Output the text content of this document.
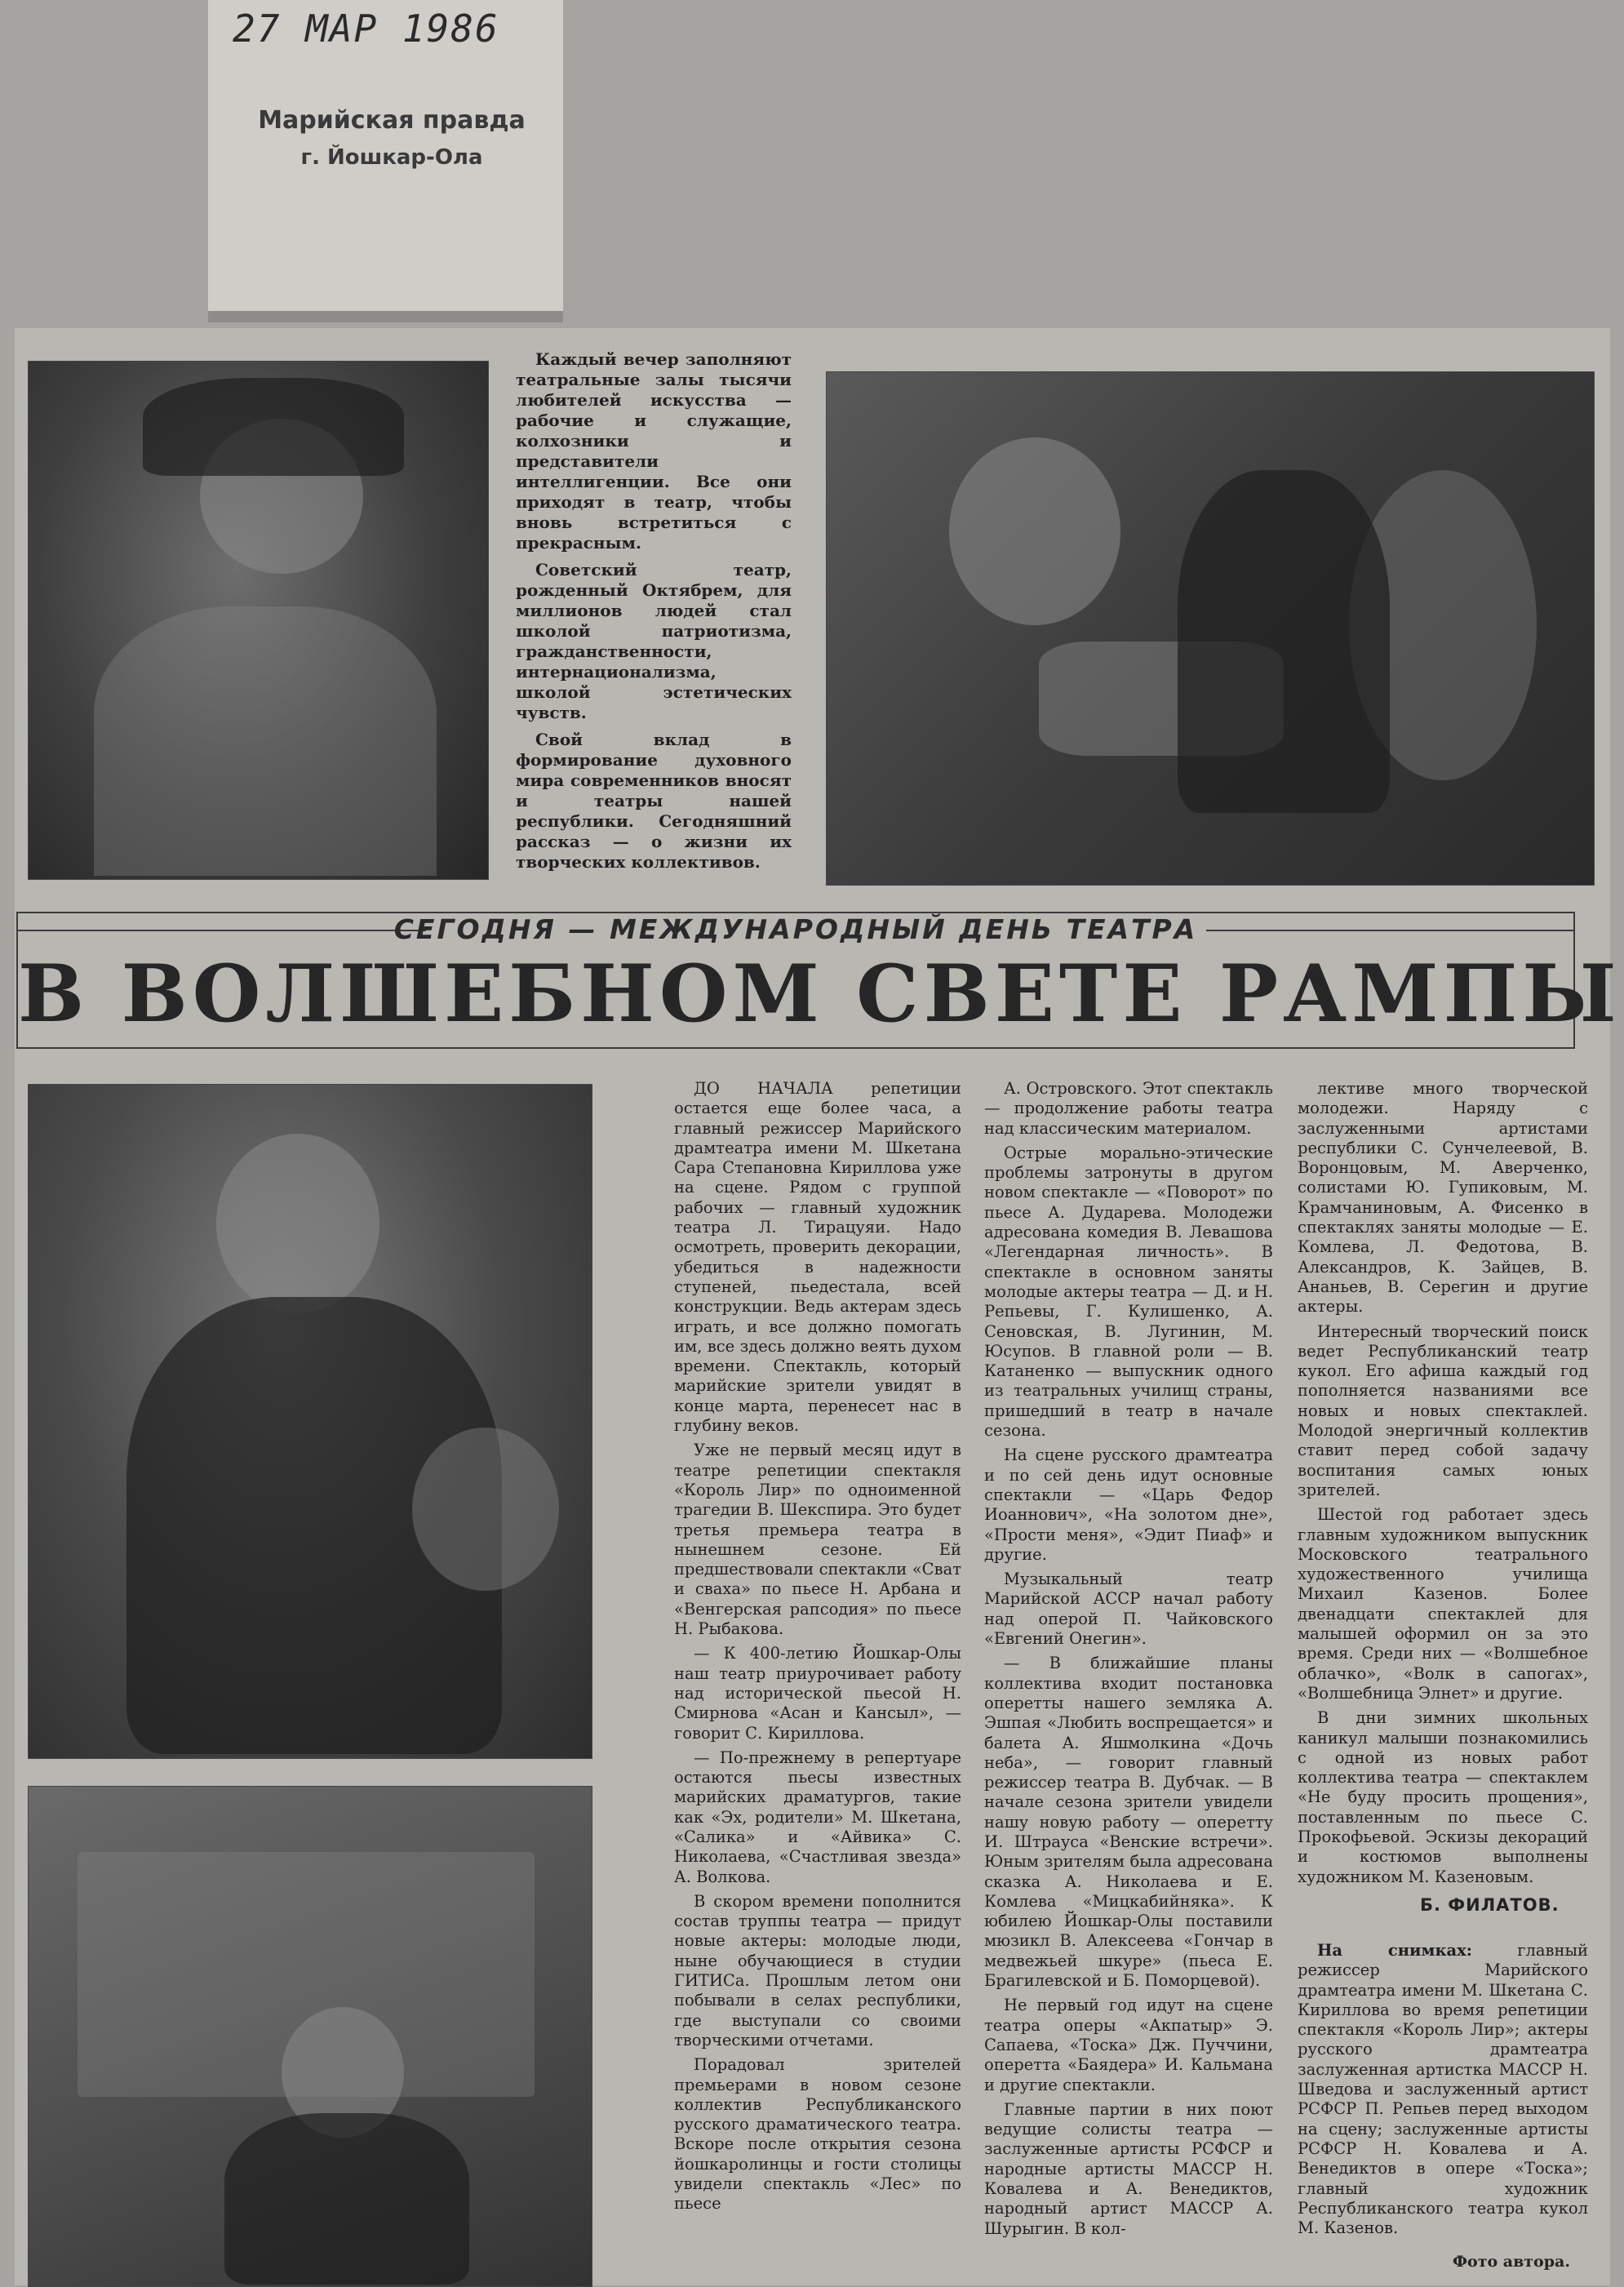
27 МАР 1986
Марийская правда
г. Йошкар-Ола

Каждый вечер заполняют театральные залы тысячи любителей искусства — рабочие и служащие, колхозники и представители интеллигенции. Все они приходят в театр, чтобы вновь встретиться с прекрасным.

Советский театр, рожденный Октябрем, для миллионов людей стал школой патриотизма, гражданственности, интернационализма, школой эстетических чувств.

Свой вклад в формирование духовного мира современников вносят и театры нашей республики. Сегодняшний рассказ — о жизни их творческих коллективов.

СЕГОДНЯ — МЕЖДУНАРОДНЫЙ ДЕНЬ ТЕАТРА
В ВОЛШЕБНОМ СВЕТЕ РАМПЫ

ДО НАЧАЛА репетиции остается еще более часа, а главный режиссер Марийского драмтеатра имени М. Шкетана Сара Степановна Кириллова уже на сцене. Рядом с группой рабочих — главный художник театра Л. Тирацуяи. Надо осмотреть, проверить декорации, убедиться в надежности ступеней, пьедестала, всей конструкции. Ведь актерам здесь играть, и все должно помогать им, все здесь должно веять духом времени. Спектакль, который марийские зрители увидят в конце марта, перенесет нас в глубину веков.

Уже не первый месяц идут в театре репетиции спектакля «Король Лир» по одноименной трагедии В. Шекспира. Это будет третья премьера театра в нынешнем сезоне. Ей предшествовали спектакли «Сват и сваха» по пьесе Н. Арбана и «Венгерская рапсодия» по пьесе Н. Рыбакова.

— К 400-летию Йошкар-Олы наш театр приурочивает работу над исторической пьесой Н. Смирнова «Асан и Кансыл», — говорит С. Кириллова.

— По-прежнему в репертуаре остаются пьесы известных марийских драматургов, такие как «Эх, родители» М. Шкетана, «Салика» и «Айвика» С. Николаева, «Счастливая звезда» А. Волкова.

В скором времени пополнится состав труппы театра — придут новые актеры: молодые люди, ныне обучающиеся в студии ГИТИСа. Прошлым летом они побывали в селах республики, где выступали со своими творческими отчетами.

Порадовал зрителей премьерами в новом сезоне коллектив Республиканского русского драматического театра. Вскоре после открытия сезона йошкаролинцы и гости столицы увидели спектакль «Лес» по пьесе

А. Островского. Этот спектакль — продолжение работы театра над классическим материалом.

Острые морально-этические проблемы затронуты в другом новом спектакле — «Поворот» по пьесе А. Дударева. Молодежи адресована комедия В. Левашова «Легендарная личность». В спектакле в основном заняты молодые актеры театра — Д. и Н. Репьевы, Г. Кулишенко, А. Сеновская, В. Лугинин, М. Юсупов. В главной роли — В. Катаненко — выпускник одного из театральных училищ страны, пришедший в театр в начале сезона.

На сцене русского драмтеатра и по сей день идут основные спектакли — «Царь Федор Иоаннович», «На золотом дне», «Прости меня», «Эдит Пиаф» и другие.

Музыкальный театр Марийской АССР начал работу над оперой П. Чайковского «Евгений Онегин».

— В ближайшие планы коллектива входит постановка оперетты нашего земляка А. Эшпая «Любить воспрещается» и балета А. Яшмолкина «Дочь неба», — говорит главный режиссер театра В. Дубчак. — В начале сезона зрители увидели нашу новую работу — оперетту И. Штрауса «Венские встречи». Юным зрителям была адресована сказка А. Николаева и Е. Комлева «Мицкабийняка». К юбилею Йошкар-Олы поставили мюзикл В. Алексеева «Гончар в медвежьей шкуре» (пьеса Е. Брагилевской и Б. Поморцевой).

Не первый год идут на сцене театра оперы «Акпатыр» Э. Сапаева, «Тоска» Дж. Пуччини, оперетта «Баядера» И. Кальмана и другие спектакли.

Главные партии в них поют ведущие солисты театра — заслуженные артисты РСФСР и народные артисты МАССР Н. Ковалева и А. Венедиктов, народный артист МАССР А. Шурыгин. В кол-

лективе много творческой молодежи. Наряду с заслуженными артистами республики С. Сунчелеевой, В. Воронцовым, М. Аверченко, солистами Ю. Гупиковым, М. Крамчаниновым, А. Фисенко в спектаклях заняты молодые — Е. Комлева, Л. Федотова, В. Александров, К. Зайцев, В. Ананьев, В. Серегин и другие актеры.

Интересный творческий поиск ведет Республиканский театр кукол. Его афиша каждый год пополняется названиями все новых и новых спектаклей. Молодой энергичный коллектив ставит перед собой задачу воспитания самых юных зрителей.

Шестой год работает здесь главным художником выпускник Московского театрального художественного училища Михаил Казенов. Более двенадцати спектаклей для малышей оформил он за это время. Среди них — «Волшебное облачко», «Волк в сапогах», «Волшебница Элнет» и другие.

В дни зимних школьных каникул малыши познакомились с одной из новых работ коллектива театра — спектаклем «Не буду просить прощения», поставленным по пьесе С. Прокофьевой. Эскизы декораций и костюмов выполнены художником М. Казеновым.

Б. ФИЛАТОВ.

На снимках:	главный режиссер Марийского драмтеатра имени М. Шкетана С. Кириллова во время репетиции спектакля «Король Лир»; актеры русского драмтеатра заслуженная артистка МАССР Н. Шведова и заслуженный артист РСФСР П. Репьев перед выходом на сцену; заслуженные артисты РСФСР Н. Ковалева и А. Венедиктов в опере «Тоска»; главный художник Республиканского театра кукол М. Казенов.

Фото автора.
